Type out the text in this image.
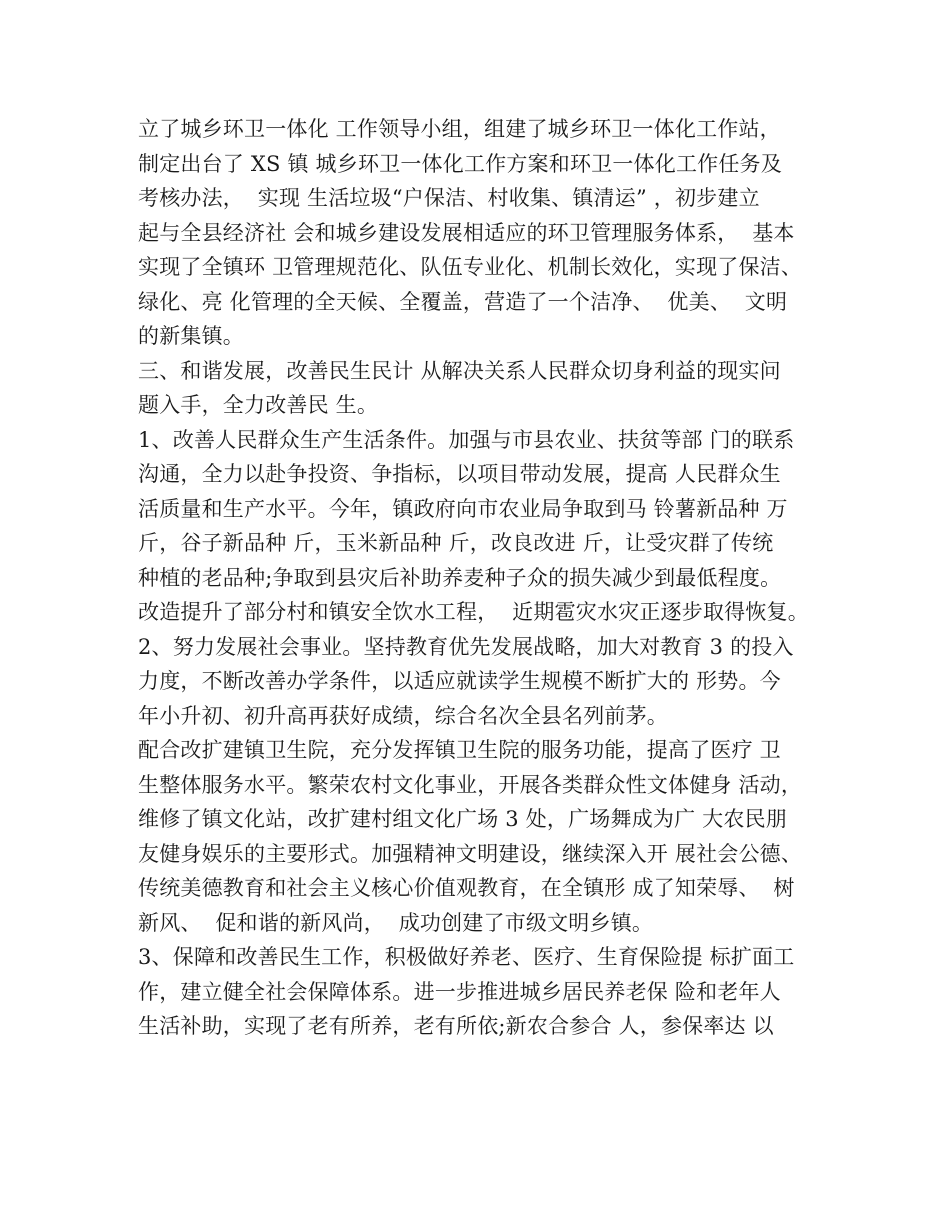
立了城乡环卫一体化 工作领导小组，组建了城乡环卫一体化工作站，
制定出台了 XS 镇 城乡环卫一体化工作方案和环卫一体化工作任务及
考核办法，  实现 生活垃圾“户保洁、村收集、镇清运” ，初步建立
起与全县经济社 会和城乡建设发展相适应的环卫管理服务体系，  基本
实现了全镇环 卫管理规范化、队伍专业化、机制长效化，实现了保洁、
绿化、亮 化管理的全天候、全覆盖，营造了一个洁净、  优美、  文明
的新集镇。
三、和谐发展，改善民生民计 从解决关系人民群众切身利益的现实问
题入手，全力改善民 生。
1、改善人民群众生产生活条件。加强与市县农业、扶贫等部 门的联系
沟通，全力以赴争投资、争指标，以项目带动发展，提高 人民群众生
活质量和生产水平。今年，镇政府向市农业局争取到马 铃薯新品种 万
斤，谷子新品种 斤，玉米新品种 斤，改良改进 斤，让受灾群了传统
种植的老品种;争取到县灾后补助养麦种子众的损失减少到最低程度。
改造提升了部分村和镇安全饮水工程，  近期雹灾水灾正逐步取得恢复。
2、努力发展社会事业。坚持教育优先发展战略，加大对教育 3 的投入
力度，不断改善办学条件，以适应就读学生规模不断扩大的 形势。今
年小升初、初升高再获好成绩，综合名次全县名列前茅。
配合改扩建镇卫生院，充分发挥镇卫生院的服务功能，提高了医疗 卫
生整体服务水平。繁荣农村文化事业，开展各类群众性文体健身 活动，
维修了镇文化站，改扩建村组文化广场 3 处，广场舞成为广 大农民朋
友健身娱乐的主要形式。加强精神文明建设，继续深入开 展社会公德、
传统美德教育和社会主义核心价值观教育，在全镇形 成了知荣辱、  树
新风、  促和谐的新风尚，  成功创建了市级文明乡镇。
3、保障和改善民生工作，积极做好养老、医疗、生育保险提 标扩面工
作，建立健全社会保障体系。进一步推进城乡居民养老保 险和老年人
生活补助，实现了老有所养，老有所依;新农合参合 人，参保率达 以
